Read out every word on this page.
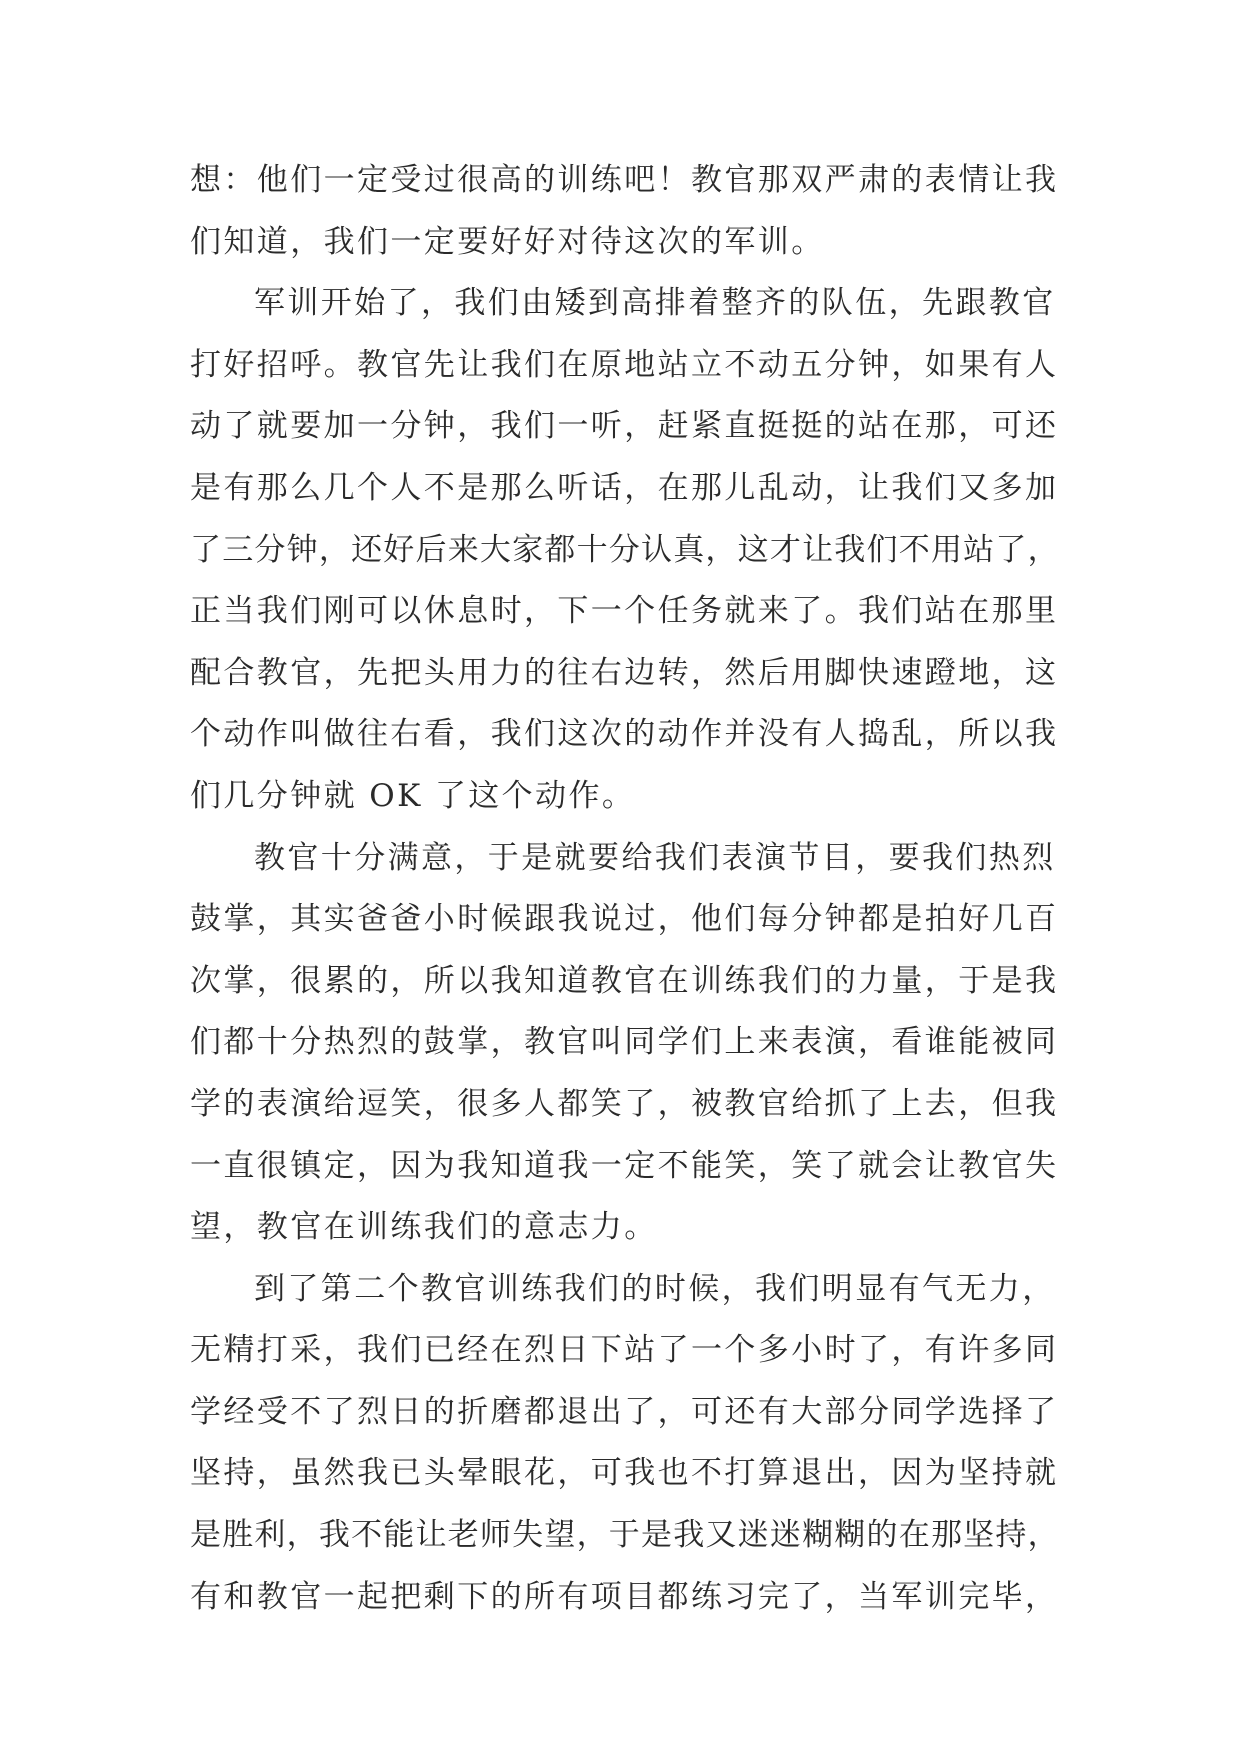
想：他们一定受过很高的训练吧！教官那双严肃的表情让我
们知道，我们一定要好好对待这次的军训。
军训开始了，我们由矮到高排着整齐的队伍，先跟教官
打好招呼。教官先让我们在原地站立不动五分钟，如果有人
动了就要加一分钟，我们一听，赶紧直挺挺的站在那，可还
是有那么几个人不是那么听话，在那儿乱动，让我们又多加
了三分钟，还好后来大家都十分认真，这才让我们不用站了，
正当我们刚可以休息时，下一个任务就来了。我们站在那里
配合教官，先把头用力的往右边转，然后用脚快速蹬地，这
个动作叫做往右看，我们这次的动作并没有人捣乱，所以我
们几分钟就 OK 了这个动作。
教官十分满意，于是就要给我们表演节目，要我们热烈
鼓掌，其实爸爸小时候跟我说过，他们每分钟都是拍好几百
次掌，很累的，所以我知道教官在训练我们的力量，于是我
们都十分热烈的鼓掌，教官叫同学们上来表演，看谁能被同
学的表演给逗笑，很多人都笑了，被教官给抓了上去，但我
一直很镇定，因为我知道我一定不能笑，笑了就会让教官失
望，教官在训练我们的意志力。
到了第二个教官训练我们的时候，我们明显有气无力，
无精打采，我们已经在烈日下站了一个多小时了，有许多同
学经受不了烈日的折磨都退出了，可还有大部分同学选择了
坚持，虽然我已头晕眼花，可我也不打算退出，因为坚持就
是胜利，我不能让老师失望，于是我又迷迷糊糊的在那坚持，
有和教官一起把剩下的所有项目都练习完了，当军训完毕，
